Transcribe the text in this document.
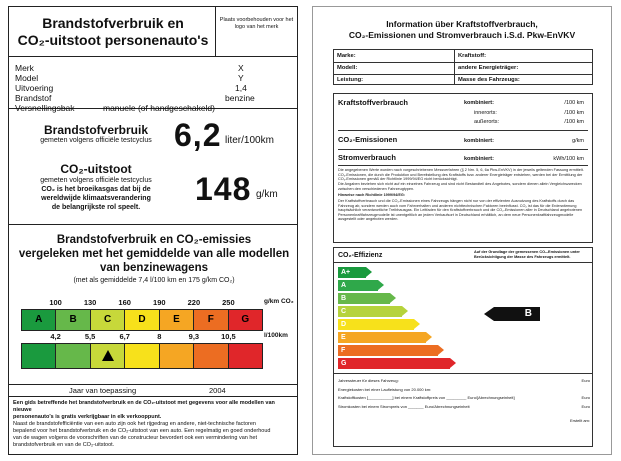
Brandstofverbruik en
CO₂-uitstoot personenauto's
Plaats voorbehouden voor het logo van het merk
Merk	X
Model	Y
Uitvoering	1,4
Brandstof	benzine
Versnellingsbak	manuele (of handgeschakeld)
Brandstofverbruik
gemeten volgens officiële testcyclus 6,2 liter/100km
CO₂-uitstoot
gemeten volgens officiële testcyclus
CO₂ is het broeikasgas dat bij de
wereldwijde klimaatsverandering
de belangrijkste rol speelt.
148 g/km
Brandstofverbruik en CO₂-emissies
vergeleken met het gemiddelde van alle modellen
van benzinewagens
(met als gemiddelde 7,4 l/100 km en 175 g/km CO₂)
100	130	160	190	220	250	g/km CO₂
A	B	C	D	E	F	G
4,2	5,5	6,7	8	9,3	10,5	l/100km
Jaar van toepassing	2004
Een gids betreffende het brandstofverbruik en de CO₂-uitstoot met gegevens voor alle modellen van nieuwe
personenauto's is gratis verkrijgbaar in elk verkooppunt.
Naast de brandstofefficiëntie van een auto zijn ook het rijgedrag en andere, niet-technische factoren
bepalend voor het brandstofverbruik en de CO₂-uitstoot van een auto. Een regelmatig en goed onderhoud
van de wagen volgens de voorschriften van de constructeur bevordert ook een vermindering van het
brandstofverbruik en van de CO₂-uitstoot.
Information über Kraftstoffverbrauch,
CO₂-Emissionen und Stromverbrauch i.S.d. Pkw-EnVKV
Marke:	Kraftstoff:
Modell:	andere Energieträger:
Leistung:	Masse des Fahrzeugs:
Kraftstoffverbrauch	kombiniert:	/100 km
innerorts:	/100 km
außerorts:	/100 km
CO₂-Emissionen	kombiniert:	g/km
Stromverbrauch	kombiniert:	kWh/100 km
Die angegebenen Werte wurden nach vorgeschriebenen Messverfahren (§ 2 Nrn. 5, 6, 6a Pkw-EnVKV) in der jeweils geltenden Fassung ermittelt. CO₂-Emissionen, die durch die Produktion und Bereitstellung des Kraftstoffs bzw. anderer Energieträger entstehen, werden bei der Ermittlung der CO₂-Emissionen gemäß der Richtlinie 1999/94/EG nicht berücksichtigt.
Die Angaben beziehen sich nicht auf ein einzelnes Fahrzeug und sind nicht Bestandteil des Angebotes, sondern dienen allein Vergleichszwecken zwischen den verschiedenen Fahrzeugtypen.
Hinweise nach Richtlinie 1999/94/EG:
Der Kraftstoffverbrauch und die CO₂-Emissionen eines Fahrzeugs hängen nicht nur von der effizienten Ausnutzung des Kraftstoffs durch das Fahrzeug ab, sondern werden auch vom Fahrverhalten und anderen nichttechnischen Faktoren beeinflusst. CO₂ ist das für die Erderwärmung hauptsächlich verantwortliche Treibhausgas. Ein Leitfaden für den Kraftstoffverbrauch und die CO₂-Emissionen aller in Deutschland angebotenen Personenkraftfahrzeugmodelle ist unentgeltlich an jedem Verkaufsort in Deutschland erhältlich, an dem neue Personenkraftfahrzeugmodelle ausgestellt oder angeboten werden.
CO₂-Effizienz	Auf der Grundlage der gemessenen CO₂-Emissionen unter Berücksichtigung der Masse des Fahrzeugs ermittelt.
A+
A
B
C
D
E
F
G
B
Jahressteuer für dieses Fahrzeug:	Euro
Energiekosten bei einer Laufleistung von 20.000 km:
Kraftstoffkosten [___________] bei einem Kraftstoffpreis von _________ Euro/[Abrechnungseinheit]	Euro
Stromkosten bei einem Strompreis von _______ Euro/Abrechnungseinheit	Euro
Erstellt am:
